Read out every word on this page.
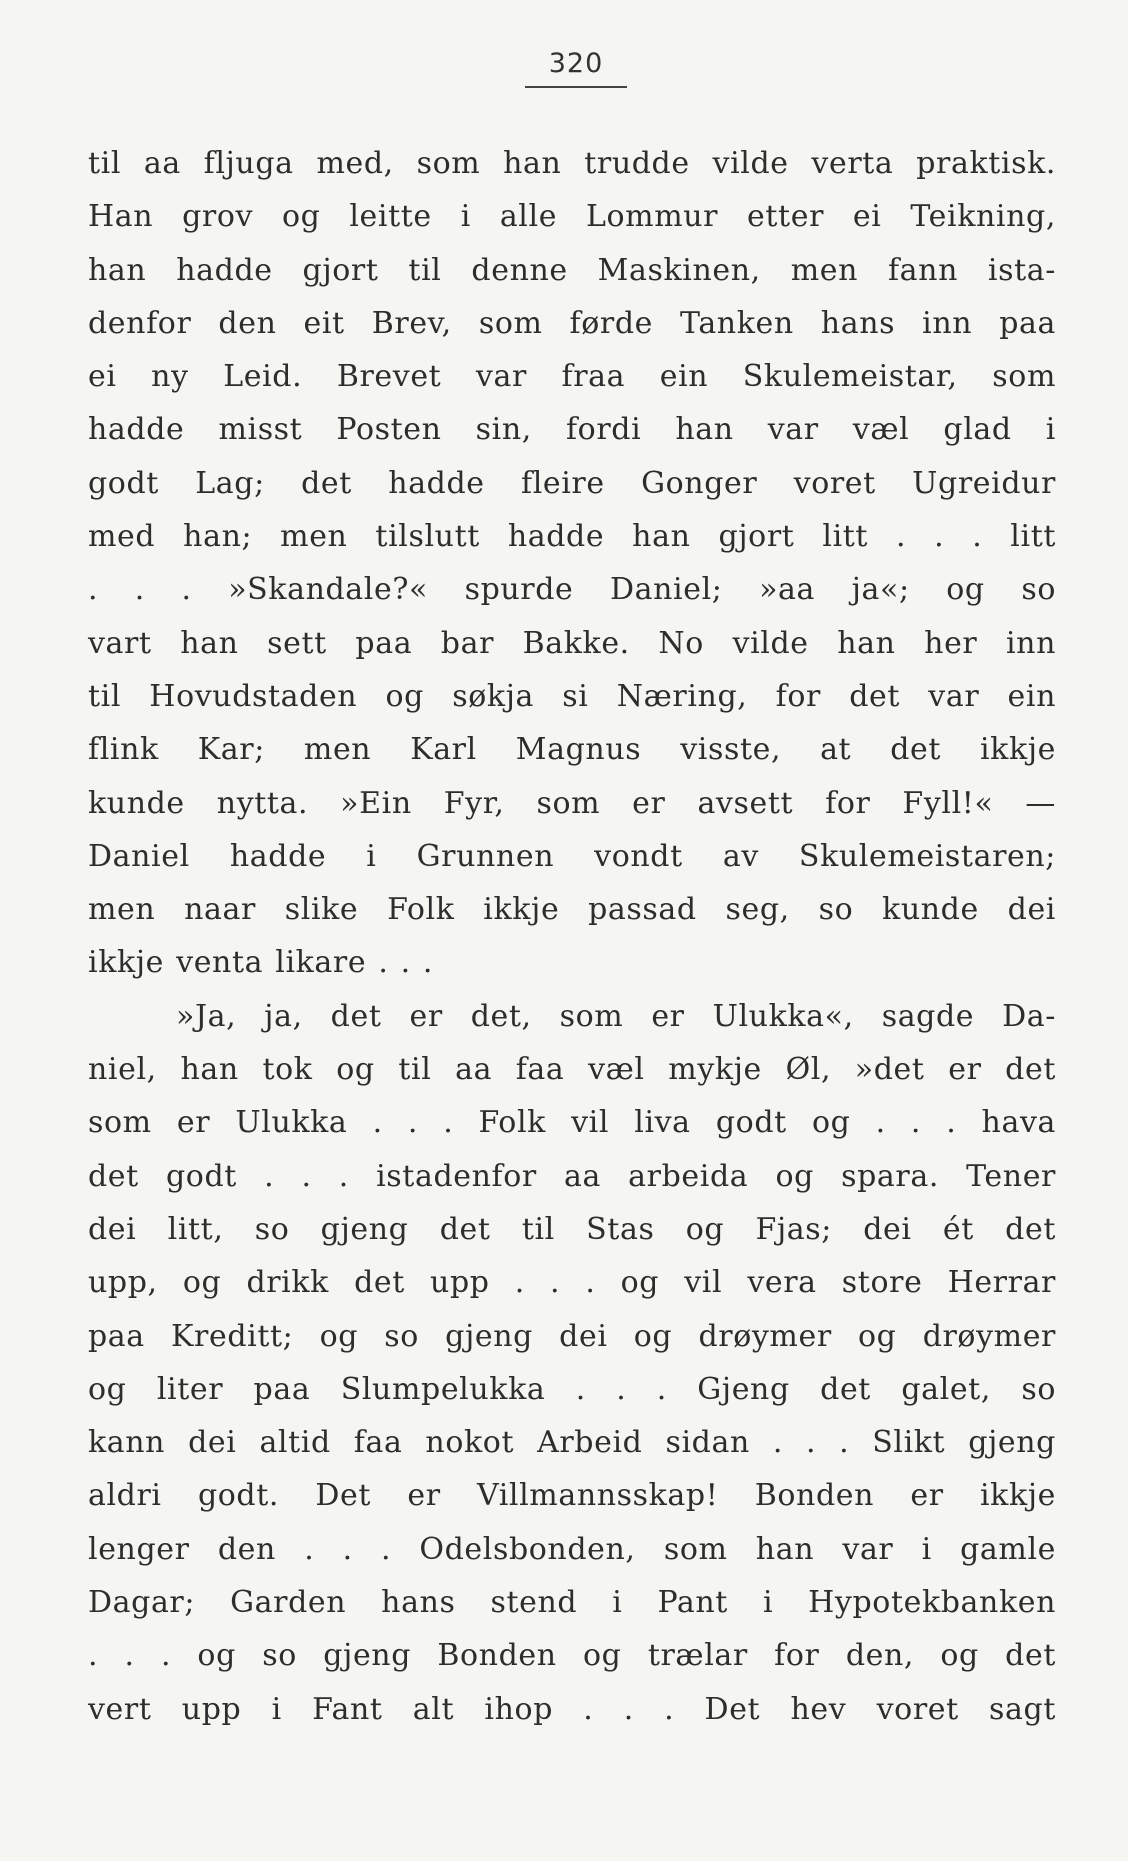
320
til aa fljuga med, som han trudde vilde verta praktisk.
Han grov og leitte i alle Lommur etter ei Teikning,
han hadde gjort til denne Maskinen, men fann ista-
denfor den eit Brev, som førde Tanken hans inn paa
ei ny Leid. Brevet var fraa ein Skulemeistar, som
hadde misst Posten sin, fordi han var væl glad i
godt Lag; det hadde fleire Gonger voret Ugreidur
med han; men tilslutt hadde han gjort litt . . . litt
. . . »Skandale?« spurde Daniel; »aa ja«; og so
vart han sett paa bar Bakke. No vilde han her inn
til Hovudstaden og søkja si Næring, for det var ein
flink Kar; men Karl Magnus visste, at det ikkje
kunde nytta. »Ein Fyr, som er avsett for Fyll!« —
Daniel hadde i Grunnen vondt av Skulemeistaren;
men naar slike Folk ikkje passad seg, so kunde dei
ikkje venta likare . . .
»Ja, ja, det er det, som er Ulukka«, sagde Da-
niel, han tok og til aa faa væl mykje Øl, »det er det
som er Ulukka . . . Folk vil liva godt og . . . hava
det godt . . . istadenfor aa arbeida og spara. Tener
dei litt, so gjeng det til Stas og Fjas; dei ét det
upp, og drikk det upp . . . og vil vera store Herrar
paa Kreditt; og so gjeng dei og drøymer og drøymer
og liter paa Slumpelukka . . . Gjeng det galet, so
kann dei altid faa nokot Arbeid sidan . . . Slikt gjeng
aldri godt. Det er Villmannsskap! Bonden er ikkje
lenger den . . . Odelsbonden, som han var i gamle
Dagar; Garden hans stend i Pant i Hypotekbanken
. . . og so gjeng Bonden og trælar for den, og det
vert upp i Fant alt ihop . . . Det hev voret sagt
